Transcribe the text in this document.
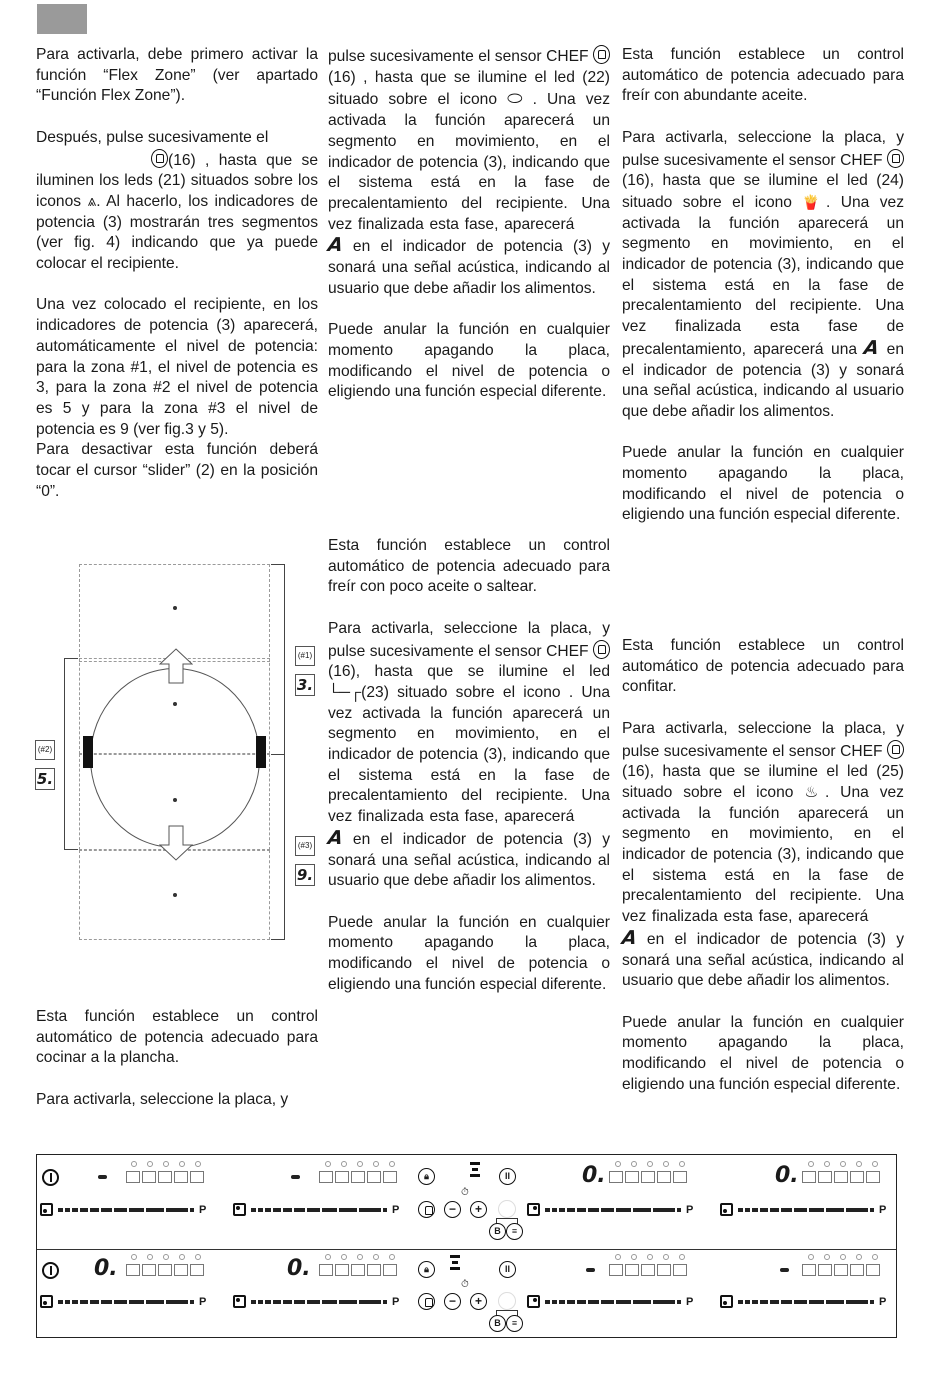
Para activarla, debe primero activar la función “Flex Zone” (ver apartado “Función Flex Zone”).

Después, pulse sucesivamente el
(16) , hasta que se iluminen los leds (21) situados sobre los iconos ⩓. Al hacerlo, los indicadores de potencia (3) mostrarán tres segmentos (ver fig. 4) indicando que ya puede colocar el recipiente.

Una vez colocado el recipiente, en los indicadores de potencia (3) aparecerá, automáticamente el nivel de potencia: para la zona #1, el nivel de potencia es 3, para la zona #2 el nivel de potencia es 5 y para la zona #3 el nivel de potencia es 9 (ver fig.3 y 5).

Para desactivar esta función deberá tocar el cursor “slider” (2) en la posición “0”.

Esta función establece un control automático de potencia adecuado para cocinar a la plancha.

Para activarla, seleccione la placa, y

(#1)
3.
(#2)
5.
(#3)
9.

pulse sucesivamente el sensor CHEF (16) , hasta que se ilumine el led (22) situado sobre el icono ⬭ . Una vez activada la función aparecerá un segmento en movimiento, en el indicador de potencia (3), indicando que el sistema está en la fase de precalentamiento del recipiente. Una vez finalizada esta fase, aparecerá A en el indicador de potencia (3) y sonará una señal acústica, indicando al usuario que debe añadir los alimentos.

Puede anular la función en cualquier momento apagando la placa, modificando el nivel de potencia o eligiendo una función especial diferente.

Esta función establece un control automático de potencia adecuado para freír con poco aceite o saltear.

Para activarla, seleccione la placa, y pulse sucesivamente el sensor CHEF (16), hasta que se ilumine el led └─┌(23) situado sobre el icono . Una vez activada la función aparecerá un segmento en movimiento, en el indicador de potencia (3), indicando que el sistema está en la fase de precalentamiento del recipiente. Una vez finalizada esta fase, aparecerá A en el indicador de potencia (3) y sonará una señal acústica, indicando al usuario que debe añadir los alimentos.

Puede anular la función en cualquier momento apagando la placa, modificando el nivel de potencia o eligiendo una función especial diferente.

Esta función establece un control automático de potencia adecuado para freír con abundante aceite.

Para activarla, seleccione la placa, y pulse sucesivamente el sensor CHEF (16), hasta que se ilumine el led (24) situado sobre el icono 🍟. Una vez activada la función aparecerá un segmento en movimiento, en el indicador de potencia (3), indicando que el sistema está en la fase de precalentamiento del recipiente. Una vez finalizada esta fase de precalentamiento, aparecerá una A en el indicador de potencia (3) y sonará una señal acústica, indicando al usuario que debe añadir los alimentos.

Puede anular la función en cualquier momento apagando la placa, modificando el nivel de potencia o eligiendo una función especial diferente.

Esta función establece un control automático de potencia adecuado para confitar.

Para activarla, seleccione la placa, y pulse sucesivamente el sensor CHEF (16), hasta que se ilumine el led (25) situado sobre el icono ♨. Una vez activada la función aparecerá un segmento en movimiento, en el indicador de potencia (3), indicando que el sistema está en la fase de precalentamiento del recipiente. Una vez finalizada esta fase, aparecerá A en el indicador de potencia (3) y sonará una señal acústica, indicando al usuario que debe añadir los alimentos.

Puede anular la función en cualquier momento apagando la placa, modificando el nivel de potencia o eligiendo una función especial diferente.

P	P
🔒︎	II
−
⏱
+
B	≡
0.
P
0.
P
0.
P
0.
P
🔒︎	II
−
⏱
+
B	≡
P	P
